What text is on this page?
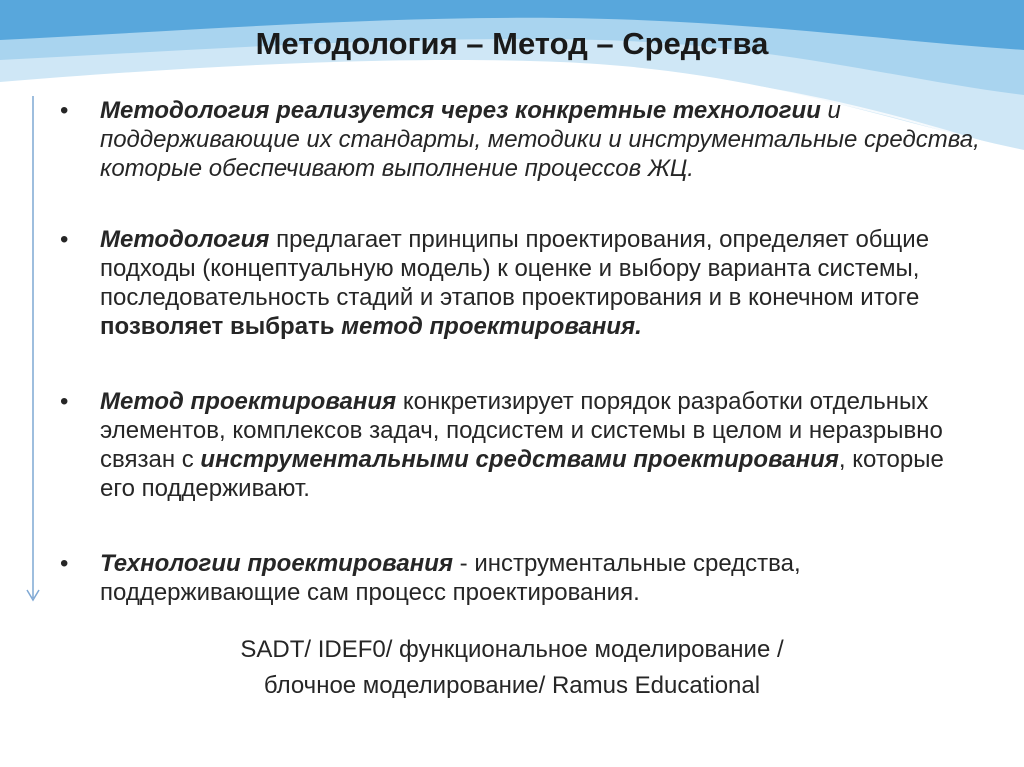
Методология – Метод – Средства
• Методология реализуется через конкретные технологии и поддерживающие их стандарты, методики и инструментальные средства, которые обеспечивают выполнение процессов ЖЦ.
• Методология предлагает принципы проектирования, определяет общие подходы (концептуальную модель) к оценке и выбору варианта системы, последовательность стадий и этапов проектирования и в конечном итоге позволяет выбрать метод проектирования.
• Метод проектирования конкретизирует порядок разработки отдельных элементов, комплексов задач, подсистем и системы в целом и неразрывно связан с инструментальными средствами проектирования, которые его поддерживают.
• Технологии проектирования - инструментальные средства, поддерживающие сам процесс проектирования.
SADT/ IDEF0/ функциональное моделирование /
блочное моделирование/ Ramus Educational
